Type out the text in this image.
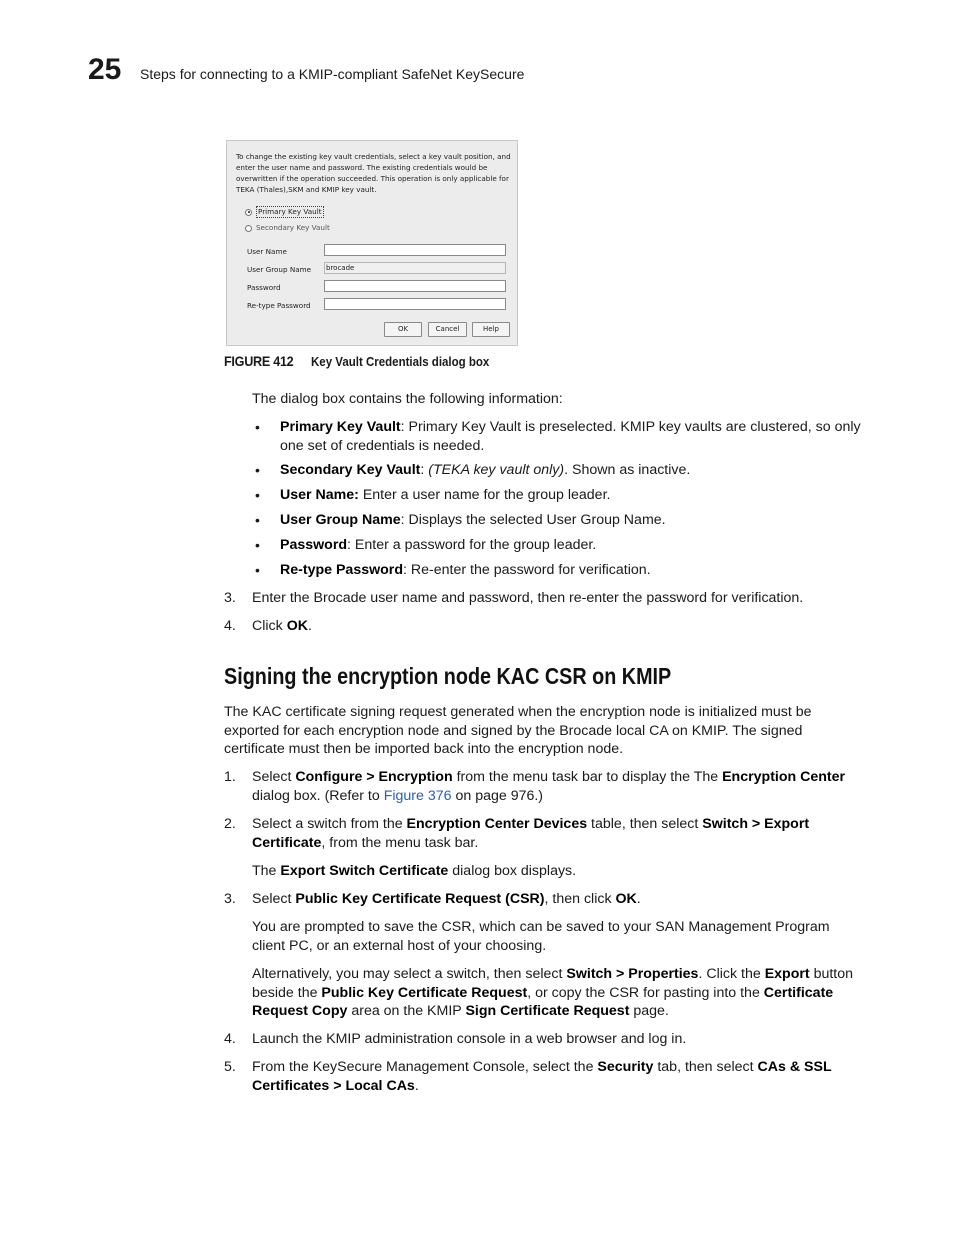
25 Steps for connecting to a KMIP-compliant SafeNet KeySecure
To change the existing key vault credentials, select a key vault position, and enter the user name and password. The existing credentials would be overwritten if the operation succeeded. This operation is only applicable for TEKA (Thales),SKM and KMIP key vault.
Primary Key Vault
Secondary Key Vault
User Name
User Group Name brocade
Password
Re-type Password
OK	Cancel	Help
FIGURE 412 Key Vault Credentials dialog box
The dialog box contains the following information:
• Primary Key Vault: Primary Key Vault is preselected. KMIP key vaults are clustered, so only one set of credentials is needed.
• Secondary Key Vault: (TEKA key vault only). Shown as inactive.
• User Name: Enter a user name for the group leader.
• User Group Name: Displays the selected User Group Name.
• Password: Enter a password for the group leader.
• Re-type Password: Re-enter the password for verification.
3. Enter the Brocade user name and password, then re-enter the password for verification.
4. Click OK.
Signing the encryption node KAC CSR on KMIP
The KAC certificate signing request generated when the encryption node is initialized must be exported for each encryption node and signed by the Brocade local CA on KMIP. The signed certificate must then be imported back into the encryption node.
1. Select Configure > Encryption from the menu task bar to display the The Encryption Center dialog box. (Refer to Figure 376 on page 976.)
2. Select a switch from the Encryption Center Devices table, then select Switch > Export Certificate, from the menu task bar.
The Export Switch Certificate dialog box displays.
3. Select Public Key Certificate Request (CSR), then click OK.
You are prompted to save the CSR, which can be saved to your SAN Management Program client PC, or an external host of your choosing.
Alternatively, you may select a switch, then select Switch > Properties. Click the Export button beside the Public Key Certificate Request, or copy the CSR for pasting into the Certificate Request Copy area on the KMIP Sign Certificate Request page.
4. Launch the KMIP administration console in a web browser and log in.
5. From the KeySecure Management Console, select the Security tab, then select CAs & SSL Certificates > Local CAs.
